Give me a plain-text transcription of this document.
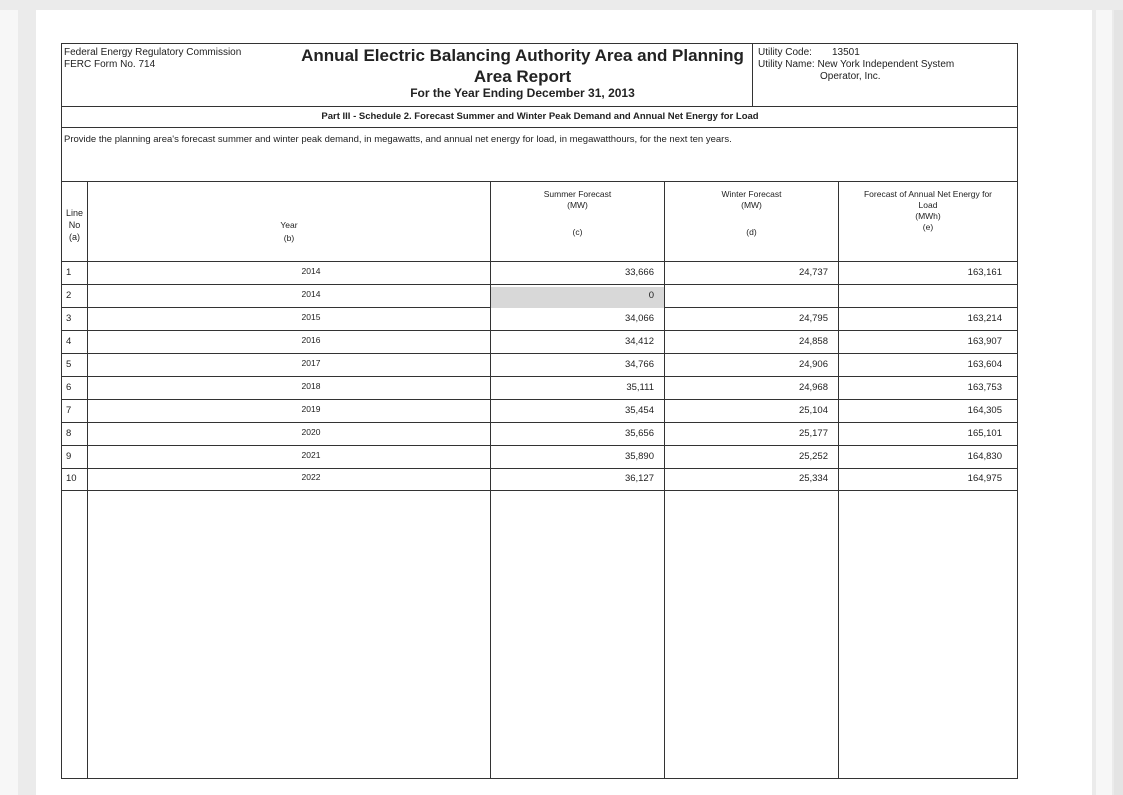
Federal Energy Regulatory Commission
FERC Form No. 714	Annual Electric Balancing Authority Area and Planning Area Report
For the Year Ending December 31, 2013
Utility Code: 13501
Utility Name: New York Independent System
Operator, Inc.
Part III - Schedule 2. Forecast Summer and Winter Peak Demand and Annual Net Energy for Load
Provide the planning area's forecast summer and winter peak demand, in megawatts, and annual net energy for load, in megawatthours, for the next ten years.
Line
No
(a)
Year
(b)
Summer Forecast
(MW)
(c)
Winter Forecast
(MW)
(d)
Forecast of Annual Net Energy for
Load
(MWh)
(e)
1	2014	33,666	24,737	163,161
2	2014	0
3	2015	34,066	24,795	163,214
4	2016	34,412	24,858	163,907
5	2017	34,766	24,906	163,604
6	2018	35,111	24,968	163,753
7	2019	35,454	25,104	164,305
8	2020	35,656	25,177	165,101
9	2021	35,890	25,252	164,830
10	2022	36,127	25,334	164,975
